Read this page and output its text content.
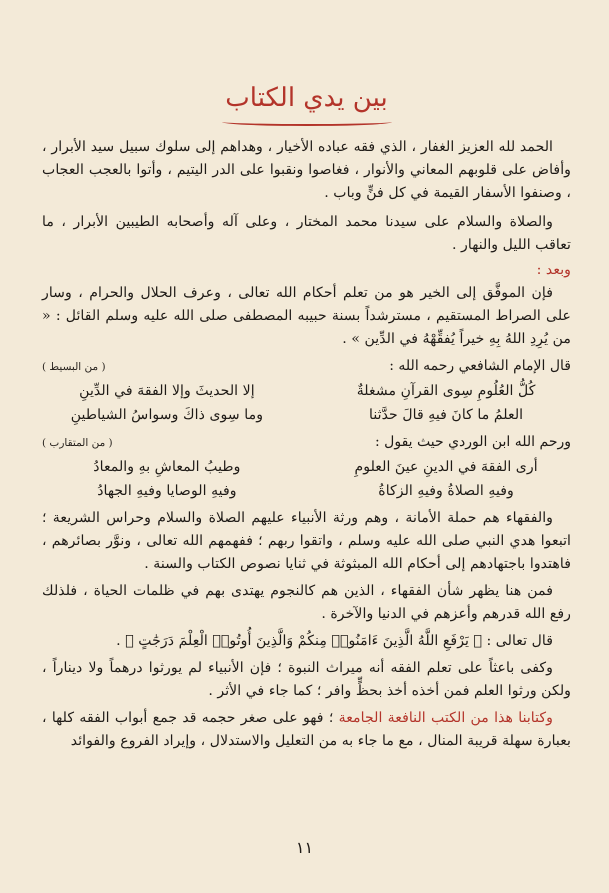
بين يدي الكتاب

الحمد لله العزيز الغفار ، الذي فقه عباده الأخيار ، وهداهم إلى سلوك سبيل سيد الأبرار ، وأفاض على قلوبهم المعاني والأنوار ، فغاصوا ونقبوا على الدر اليتيم ، وأتوا بالعجب العجاب ، وصنفوا الأسفار القيمة في كل فنٍّ وباب .

والصلاة والسلام على سيدنا محمد المختار ، وعلى آله وأصحابه الطيبين الأبرار ، ما تعاقب الليل والنهار .

وبعد :

فإن الموفَّق إلى الخير هو من تعلم أحكام الله تعالى ، وعرف الحلال والحرام ، وسار على الصراط المستقيم ، مسترشداً بسنة حبيبه المصطفى صلى الله عليه وسلم القائل : « من يُرِدِ اللهُ بِهِ خيراً يُفقِّهْهُ في الدِّين » .

قال الإمام الشافعي رحمه الله :
( من البسيط )
كُلُّ العُلُومِ سِوى القرآنِ مشغلةٌ
إلا الحديثَ وإلا الفقهَ في الدِّينِ
العلمُ ما كانَ فيهِ قالَ حدَّثنا
وما سِوى ذاكَ وسواسُ الشياطينِ
ورحم الله ابن الوردي حيث يقول :
( من المتقارب )
أرى الفقهَ في الدينِ عينَ العلومِ
وطيبُ المعاشِ بهِ والمعادُ
وفيهِ الصلاةُ وفيهِ الزكاةُ
وفيهِ الوصايا وفيهِ الجهادُ

والفقهاء هم حملة الأمانة ، وهم ورثة الأنبياء عليهم الصلاة والسلام وحراس الشريعة ؛ اتبعوا هدي النبي صلى الله عليه وسلم ، واتقوا ربهم ؛ ففهمهم الله تعالى ، ونوَّر بصائرهم ، فاهتدوا باجتهادهم إلى أحكام الله المبثوثة في ثنايا نصوص الكتاب والسنة .

فمن هنا يظهر شأن الفقهاء ، الذين هم كالنجوم يهتدى بهم في ظلمات الحياة ، فلذلك رفع الله قدرهم وأعزهم في الدنيا والآخرة .

قال تعالى : ﴿ يَرْفَعِ اللَّهُ الَّذِينَ ءَامَنُوا۟ مِنكُمْ وَالَّذِينَ أُوتُوا۟ الْعِلْمَ دَرَجَٰتٍ ﴾ .

وكفى باعثاً على تعلم الفقه أنه ميراث النبوة ؛ فإن الأنبياء لم يورثوا درهماً ولا ديناراً ، ولكن ورثوا العلم فمن أخذه أخذ بحظٍّ وافر ؛ كما جاء في الأثر .

وكتابنا هذا من الكتب النافعة الجامعة ؛ فهو على صغر حجمه قد جمع أبواب الفقه كلها ، بعبارة سهلة قريبة المنال ، مع ما جاء به من التعليل والاستدلال ، وإيراد الفروع والفوائد

١١
